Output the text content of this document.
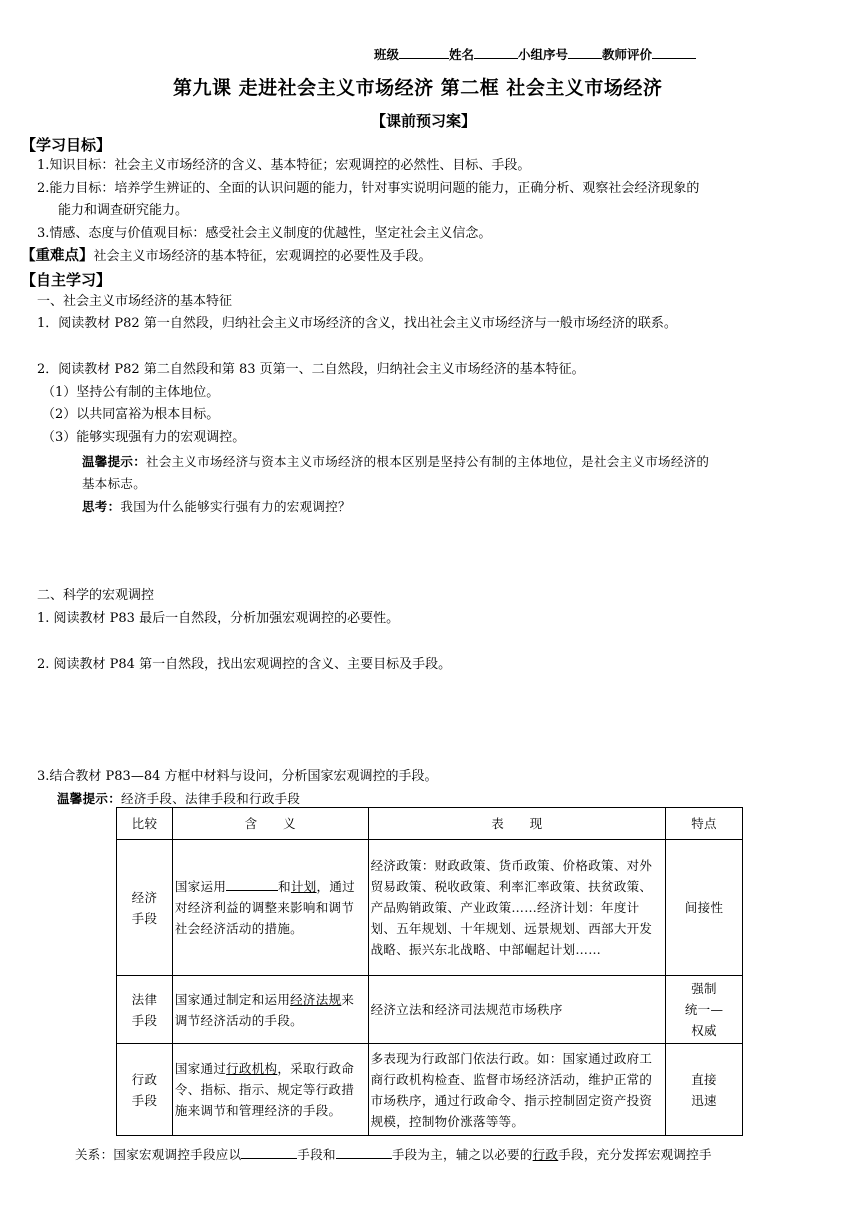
班级	姓名	小组序号	教师评价
第九课 走进社会主义市场经济 第二框 社会主义市场经济
【课前预习案】
【学习目标】
1.知识目标：社会主义市场经济的含义、基本特征；宏观调控的必然性、目标、手段。
2.能力目标：培养学生辨证的、全面的认识问题的能力，针对事实说明问题的能力，正确分析、观察社会经济现象的
能力和调查研究能力。
3.情感、态度与价值观目标：感受社会主义制度的优越性，坚定社会主义信念。
【重难点】社会主义市场经济的基本特征，宏观调控的必要性及手段。
【自主学习】
一、社会主义市场经济的基本特征
1．阅读教材 P82 第一自然段，归纳社会主义市场经济的含义，找出社会主义市场经济与一般市场经济的联系。
2．阅读教材 P82 第二自然段和第 83 页第一、二自然段，归纳社会主义市场经济的基本特征。
（1）坚持公有制的主体地位。
（2）以共同富裕为根本目标。
（3）能够实现强有力的宏观调控。
温馨提示：社会主义市场经济与资本主义市场经济的根本区别是坚持公有制的主体地位，是社会主义市场经济的
基本标志。
思考：我国为什么能够实行强有力的宏观调控？
二、科学的宏观调控
1. 阅读教材 P83 最后一自然段，分析加强宏观调控的必要性。
2. 阅读教材 P84 第一自然段，找出宏观调控的含义、主要目标及手段。
3.结合教材 P83—84 方框中材料与设问，分析国家宏观调控的手段。
温馨提示：经济手段、法律手段和行政手段
比较	含　　义	表　　现	特点
经济
手段	国家运用 和计划，通过对经济利益的调整来影响和调节社会经济活动的措施。	经济政策：财政政策、货币政策、价格政策、对外贸易政策、税收政策、利率汇率政策、扶贫政策、产品购销政策、产业政策……经济计划：年度计划、五年规划、十年规划、远景规划、西部大开发战略、振兴东北战略、中部崛起计划……	间接性
法律
手段	国家通过制定和运用经济法规来调节经济活动的手段。	经济立法和经济司法规范市场秩序	强制
统一—
权威
行政
手段	国家通过行政机构，采取行政命令、指标、指示、规定等行政措施来调节和管理经济的手段。	多表现为行政部门依法行政。如：国家通过政府工商行政机构检查、监督市场经济活动，维护正常的市场秩序，通过行政命令、指示控制固定资产投资规模，控制物价涨落等等。	直接
迅速
关系：国家宏观调控手段应以	手段和	手段为主，辅之以必要的行政手段，充分发挥宏观调控手
